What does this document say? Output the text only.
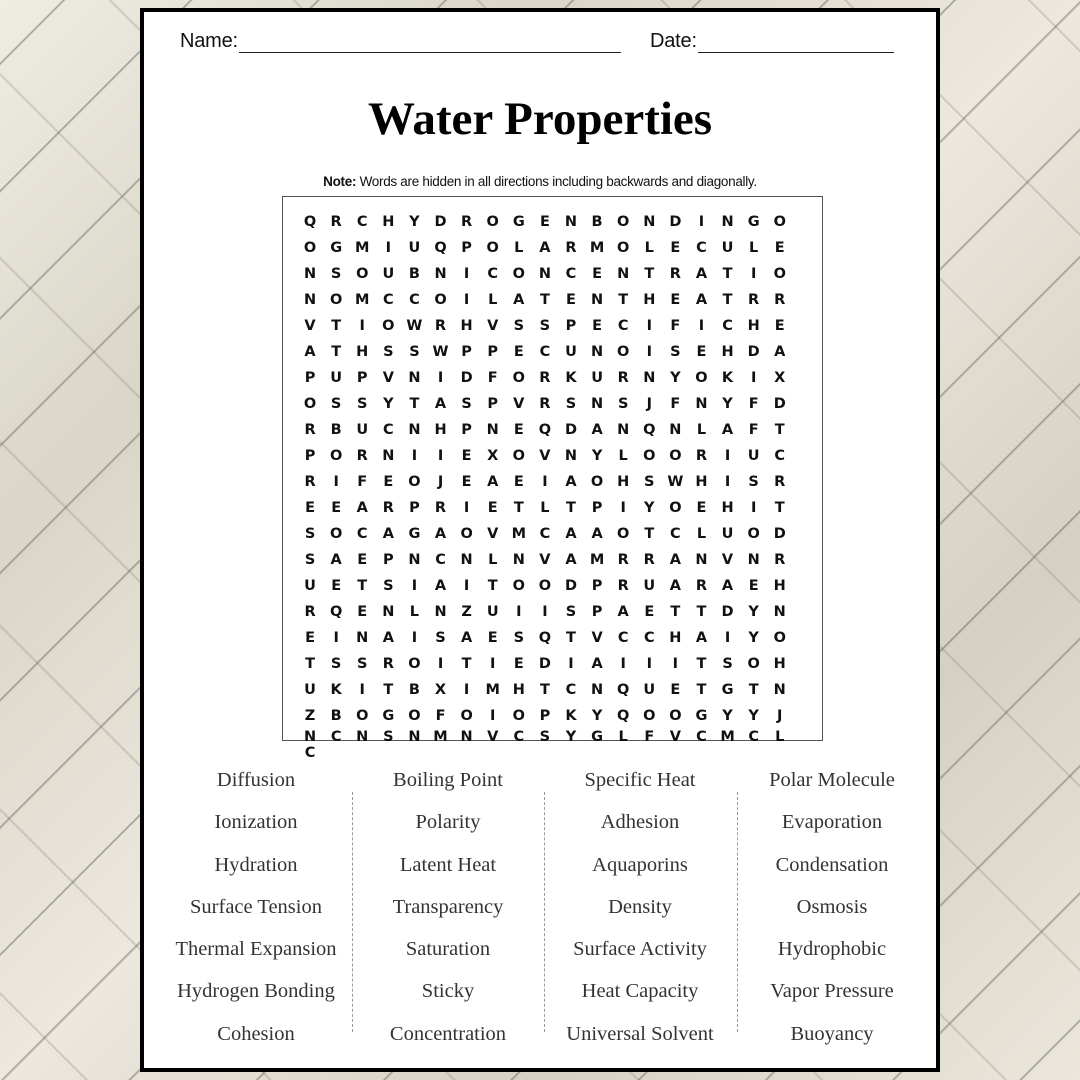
Name:	Date:
Water Properties
Note: Words are hidden in all directions including backwards and diagonally.
Q R	C	H	Y	D R O G	E	N	B O N D	I	N G O
O G M	I	U Q	P	O	L	A	R M O	L	E	C	U	L	E
N	S	O U	B N	I	C	O N	C	E	N	T	R	A	T	I	O
N O M C	C	O	I	L	A	T	E	N	T	H	E	A	T	R	R
V	T	I	O W R H V	S	S	P	E	C	I	F	I	C	H	E
A	T	H	S	S W P	P	E	C	U N O	I	S	E	H D A
P	U	P	V N	I	D	F	O R	K	U	R N	Y	O K	I	X
O	S	S	Y	T	A	S	P	V	R	S	N	S	J	F	N	Y	F	D
R	B	U	C	N H	P	N	E	Q D A N Q N	L	A	F	T
P	O R N	I	I	E	X O V N	Y	L	O O R	I	U	C
R	I	F	E	O	J	E	A	E	I	A O H	S W H	I	S	R
E	E	A	R	P	R	I	E	T	L	T	P	I	Y	O	E	H	I	T
S	O	C	A	G	A O V M C	A	A O	T	C	L	U O D
S	A	E	P	N	C	N	L	N V	A M R	R	A N V N R
U	E	T	S	I	A	I	T	O O D	P	R	U	A	R	A	E	H
R Q	E	N	L	N	Z	U	I	I	S	P	A	E	T	T	D	Y	N
E	I	N A	I	S	A	E	S	Q	T	V	C	C	H A	I	Y	O
T	S	S	R O	I	T	I	E	D	I	A	I	I	I	T	S	O H
U	K	I	T	B	X	I	M H	T	C	N Q U	E	T	G	T	N
Z	B O G O	F	O	I	O	P	K	Y	Q O O G	Y	Y	J
N	C	N	S	N M N V	C	S	Y	G	L	F	V	C M C	L
C
Diffusion
Ionization
Hydration
Surface Tension
Thermal Expansion
Hydrogen Bonding
Cohesion
Boiling Point
Polarity
Latent Heat
Transparency
Saturation
Sticky
Concentration
Specific Heat
Adhesion
Aquaporins
Density
Surface Activity
Heat Capacity
Universal Solvent
Polar Molecule
Evaporation
Condensation
Osmosis
Hydrophobic
Vapor Pressure
Buoyancy
